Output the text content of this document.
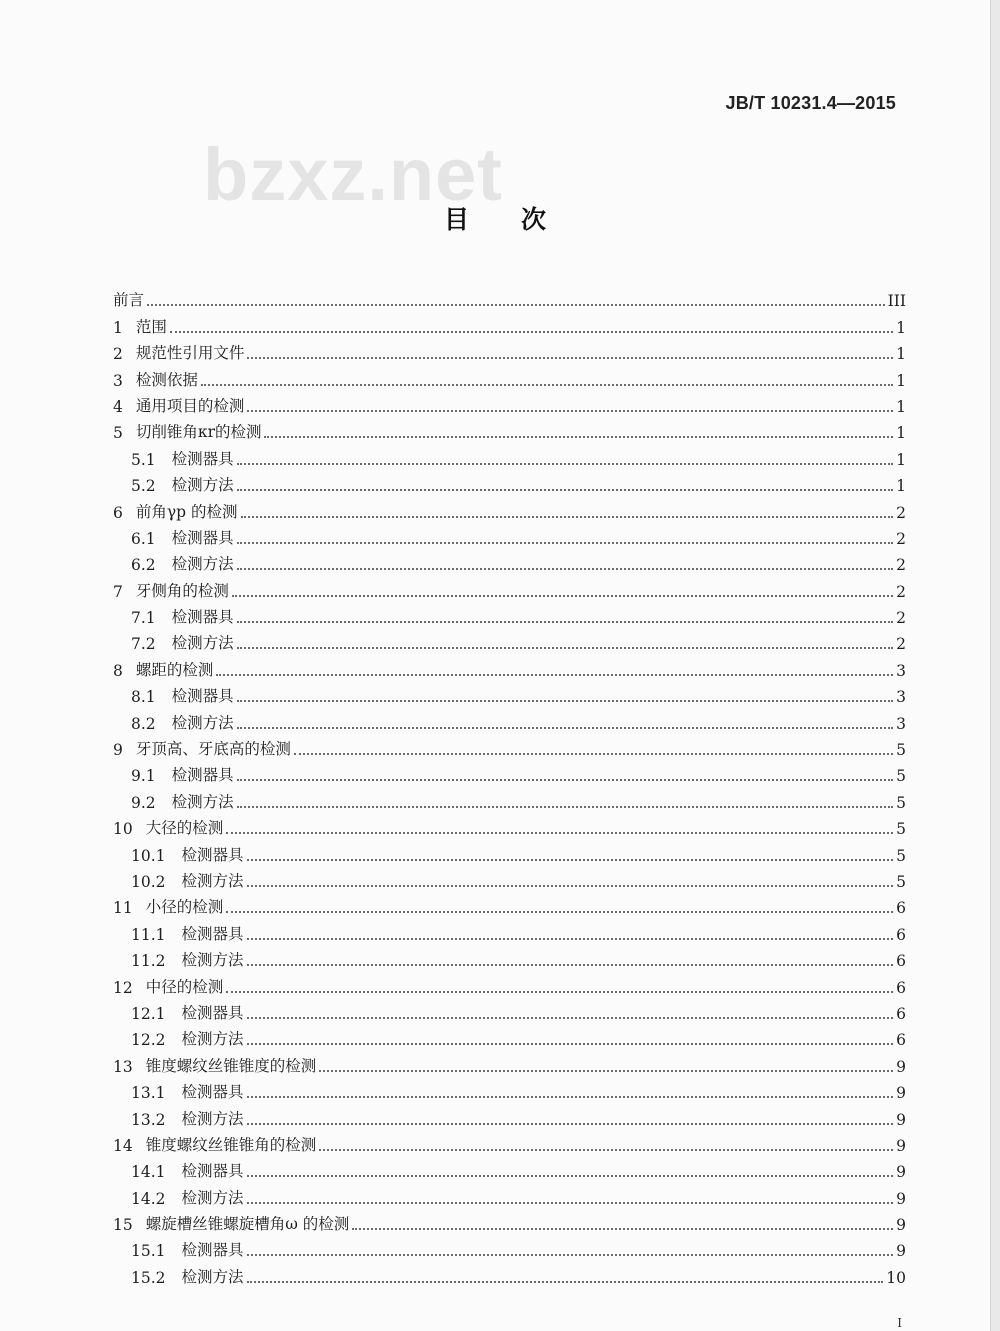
JB/T 10231.4—2015
bzxz.net
目次
前言	III
1 范围	1
2 规范性引用文件	1
3 检测依据	1
4 通用项目的检测	1
5 切削锥角κr的检测	1
5.1 检测器具	1
5.2 检测方法	1
6 前角γp 的检测	2
6.1 检测器具	2
6.2 检测方法	2
7 牙侧角的检测	2
7.1 检测器具	2
7.2 检测方法	2
8 螺距的检测	3
8.1 检测器具	3
8.2 检测方法	3
9 牙顶高、牙底高的检测	5
9.1 检测器具	5
9.2 检测方法	5
10 大径的检测	5
10.1 检测器具	5
10.2 检测方法	5
11 小径的检测	6
11.1 检测器具	6
11.2 检测方法	6
12 中径的检测	6
12.1 检测器具	6
12.2 检测方法	6
13 锥度螺纹丝锥锥度的检测	9
13.1 检测器具	9
13.2 检测方法	9
14 锥度螺纹丝锥锥角的检测	9
14.1 检测器具	9
14.2 检测方法	9
15 螺旋槽丝锥螺旋槽角ω 的检测	9
15.1 检测器具	9
15.2 检测方法	10
I
